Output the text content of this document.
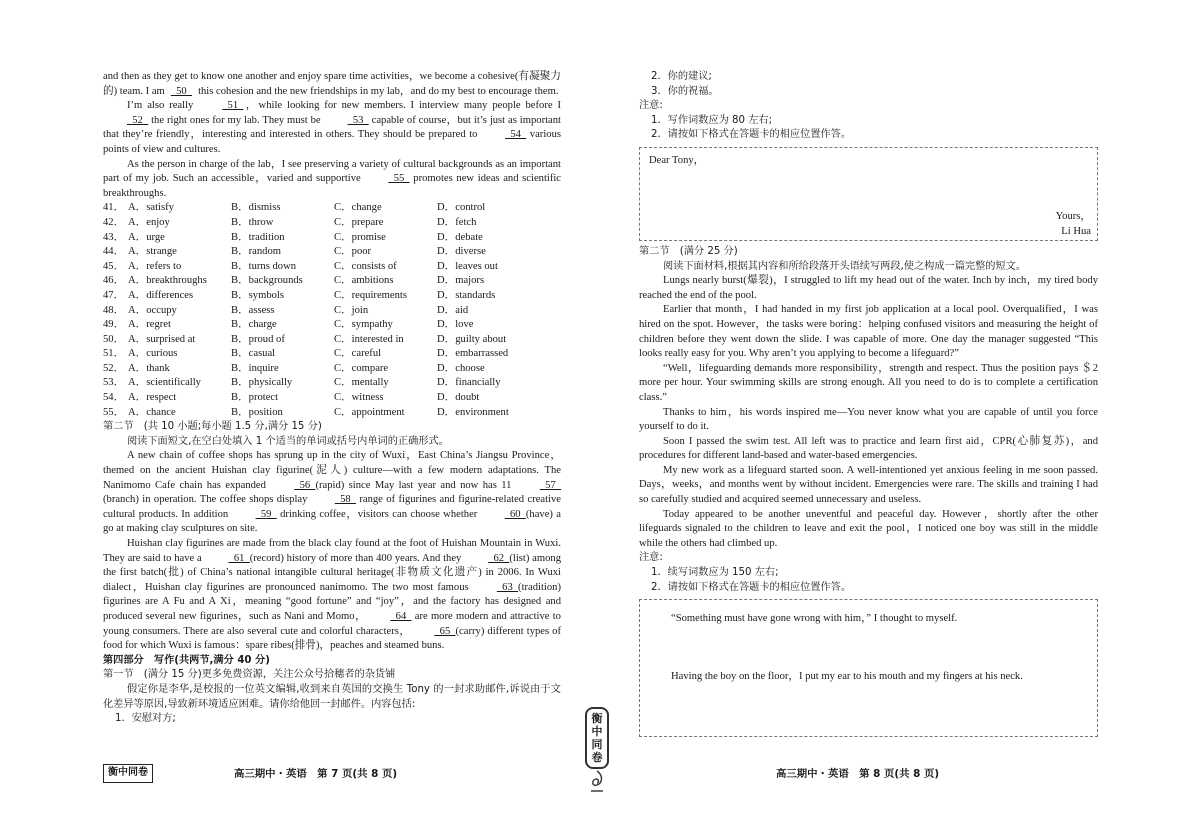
and then as they get to know one another and enjoy spare time activities，we become a cohesive(有凝聚力的) team. I am   50   this cohesion and the new friendships in my lab，and do my best to encourage them.

I’m also really   51  ，while looking for new members. I interview many people before I   52   the right ones for my lab. They must be   53   capable of course，but it’s just as important that they’re friendly，interesting and interested in others. They should be prepared to   54   various points of view and cultures.

As the person in charge of the lab，I see preserving a variety of cultural backgrounds as an important part of my job. Such an accessible，varied and supportive   55   promotes new ideas and scientific breakthroughs.

41． A．satisfy	B．dismiss	C．change	D．control
42． A．enjoy	B．throw	C．prepare	D．fetch
43． A．urge	B．tradition	C．promise	D．debate
44． A．strange	B．random	C．poor	D．diverse
45． A．refers to	B．turns down	C．consists of	D．leaves out
46． A．breakthroughs	B．backgrounds	C．ambitions	D．majors
47． A．differences	B．symbols	C．requirements	D．standards
48． A．occupy	B．assess	C．join	D．aid
49． A．regret	B．charge	C．sympathy	D．love
50． A．surprised at	B．proud of	C．interested in	D．guilty about
51． A．curious	B．casual	C．careful	D．embarrassed
52． A．thank	B．inquire	C．compare	D．choose
53． A．scientifically	B．physically	C．mentally	D．financially
54． A．respect	B．protect	C．witness	D．doubt
55． A．chance	B．position	C．appointment	D．environment

第二节　(共 10 小题;每小题 1.5 分,满分 15 分)

阅读下面短文,在空白处填入 1 个适当的单词或括号内单词的正确形式。

A new chain of coffee shops has sprung up in the city of Wuxi，East China’s Jiangsu Province，themed on the ancient Huishan clay figurine(泥人) culture—with a few modern adaptations. The Nanimomo Cafe chain has expanded   56  (rapid) since May last year and now has 11   57  (branch) in operation. The coffee shops display   58   range of figurines and figurine-related creative cultural products. In addition   59   drinking coffee，visitors can choose whether   60  (have) a go at making clay sculptures on site.

Huishan clay figurines are made from the black clay found at the foot of Huishan Mountain in Wuxi. They are said to have a   61  (record) history of more than 400 years. And they   62  (list) among the first batch(批) of China’s national intangible cultural heritage(非物质文化遗产) in 2006. In Wuxi dialect，Huishan clay figurines are pronounced nanimomo. The two most famous   63  (tradition) figurines are A Fu and A Xi，meaning “good fortune” and “joy”，and the factory has designed and produced several new figurines，such as Nani and Momo，  64   are more modern and attractive to young consumers. There are also several cute and colorful characters，  65  (carry) different types of food for which Wuxi is famous：spare ribes(排骨)，peaches and steamed buns.

第四部分　写作(共两节,满分 40 分)

第一节　(满分 15 分)更多免费资源，关注公众号拾穗者的杂货铺

假定你是李华,是校报的一位英文编辑,收到来自英国的交换生 Tony 的一封求助邮件,诉说由于文化差异等原因,导致新环境适应困难。请你给他回一封邮件。内容包括:

1．安慰对方;

2．你的建议;

3．你的祝福。

注意:

1．写作词数应为 80 左右;

2．请按如下格式在答题卡的相应位置作答。

Dear Tony，

Yours，

Li Hua

第二节　(满分 25 分)

阅读下面材料,根据其内容和所给段落开头语续写两段,使之构成一篇完整的短文。

Lungs nearly burst(爆裂)，I struggled to lift my head out of the water. Inch by inch，my tired body reached the end of the pool.

Earlier that month，I had handed in my first job application at a local pool. Overqualified，I was hired on the spot. However，the tasks were boring：helping confused visitors and measuring the height of children before they went down the slide. I was capable of more. One day the manager suggested “This looks really easy for you. Why aren’t you applying to become a lifeguard?”

“Well，lifeguarding demands more responsibility，strength and respect. Thus the position pays ＄2 more per hour. Your swimming skills are strong enough. All you need to do is to complete a certification class.”

Thanks to him，his words inspired me—You never know what you are capable of until you force yourself to do it.

Soon I passed the swim test. All left was to practice and learn first aid，CPR(心肺复苏)，and procedures for different land-based and water-based emergencies.

My new work as a lifeguard started soon. A well-intentioned yet anxious feeling in me soon passed. Days，weeks，and months went by without incident. Emergencies were rare. The skills and training I had so carefully studied and acquired seemed unnecessary and useless.

Today appeared to be another uneventful and peaceful day. However，shortly after the other lifeguards signaled to the children to leave and exit the pool，I noticed one boy was still in the middle while the others had climbed up.

注意:

1．续写词数应为 150 左右;

2．请按如下格式在答题卡的相应位置作答。

“Something must have gone wrong with him，” I thought to myself.

Having the boy on the floor，I put my ear to his mouth and my fingers at his neck.

衡中同卷	高三期中・英语　第 7 页(共 8 页)	高三期中・英语　第 8 页(共 8 页)
衡
中
同
卷
